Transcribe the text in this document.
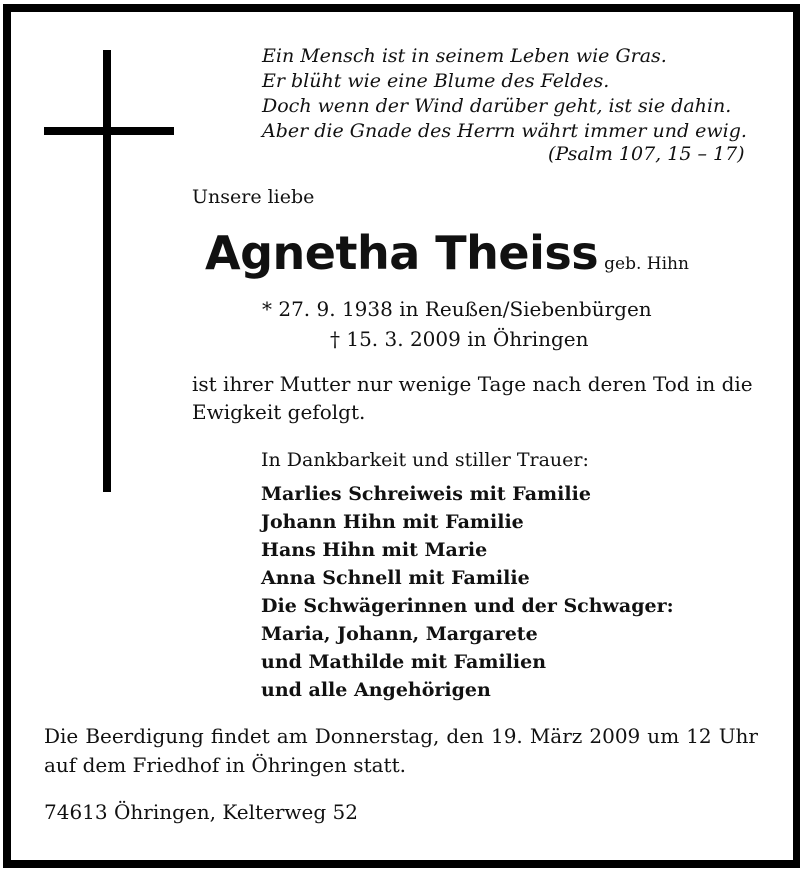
Ein Mensch ist in seinem Leben wie Gras.
Er blüht wie eine Blume des Feldes.
Doch wenn der Wind darüber geht, ist sie dahin.
Aber die Gnade des Herrn währt immer und ewig.
(Psalm 107, 15 – 17)
Unsere liebe
Agnetha Theiss geb. Hihn
* 27. 9. 1938 in Reußen/Siebenbürgen
† 15. 3. 2009 in Öhringen
ist ihrer Mutter nur wenige Tage nach deren Tod in die Ewigkeit gefolgt.
In Dankbarkeit und stiller Trauer:
Marlies Schreiweis mit Familie
Johann Hihn mit Familie
Hans Hihn mit Marie
Anna Schnell mit Familie
Die Schwägerinnen und der Schwager:
Maria, Johann, Margarete
und Mathilde mit Familien
und alle Angehörigen
Die Beerdigung findet am Donnerstag, den 19. März 2009 um 12 Uhr auf dem Friedhof in Öhringen statt.
74613 Öhringen, Kelterweg 52
